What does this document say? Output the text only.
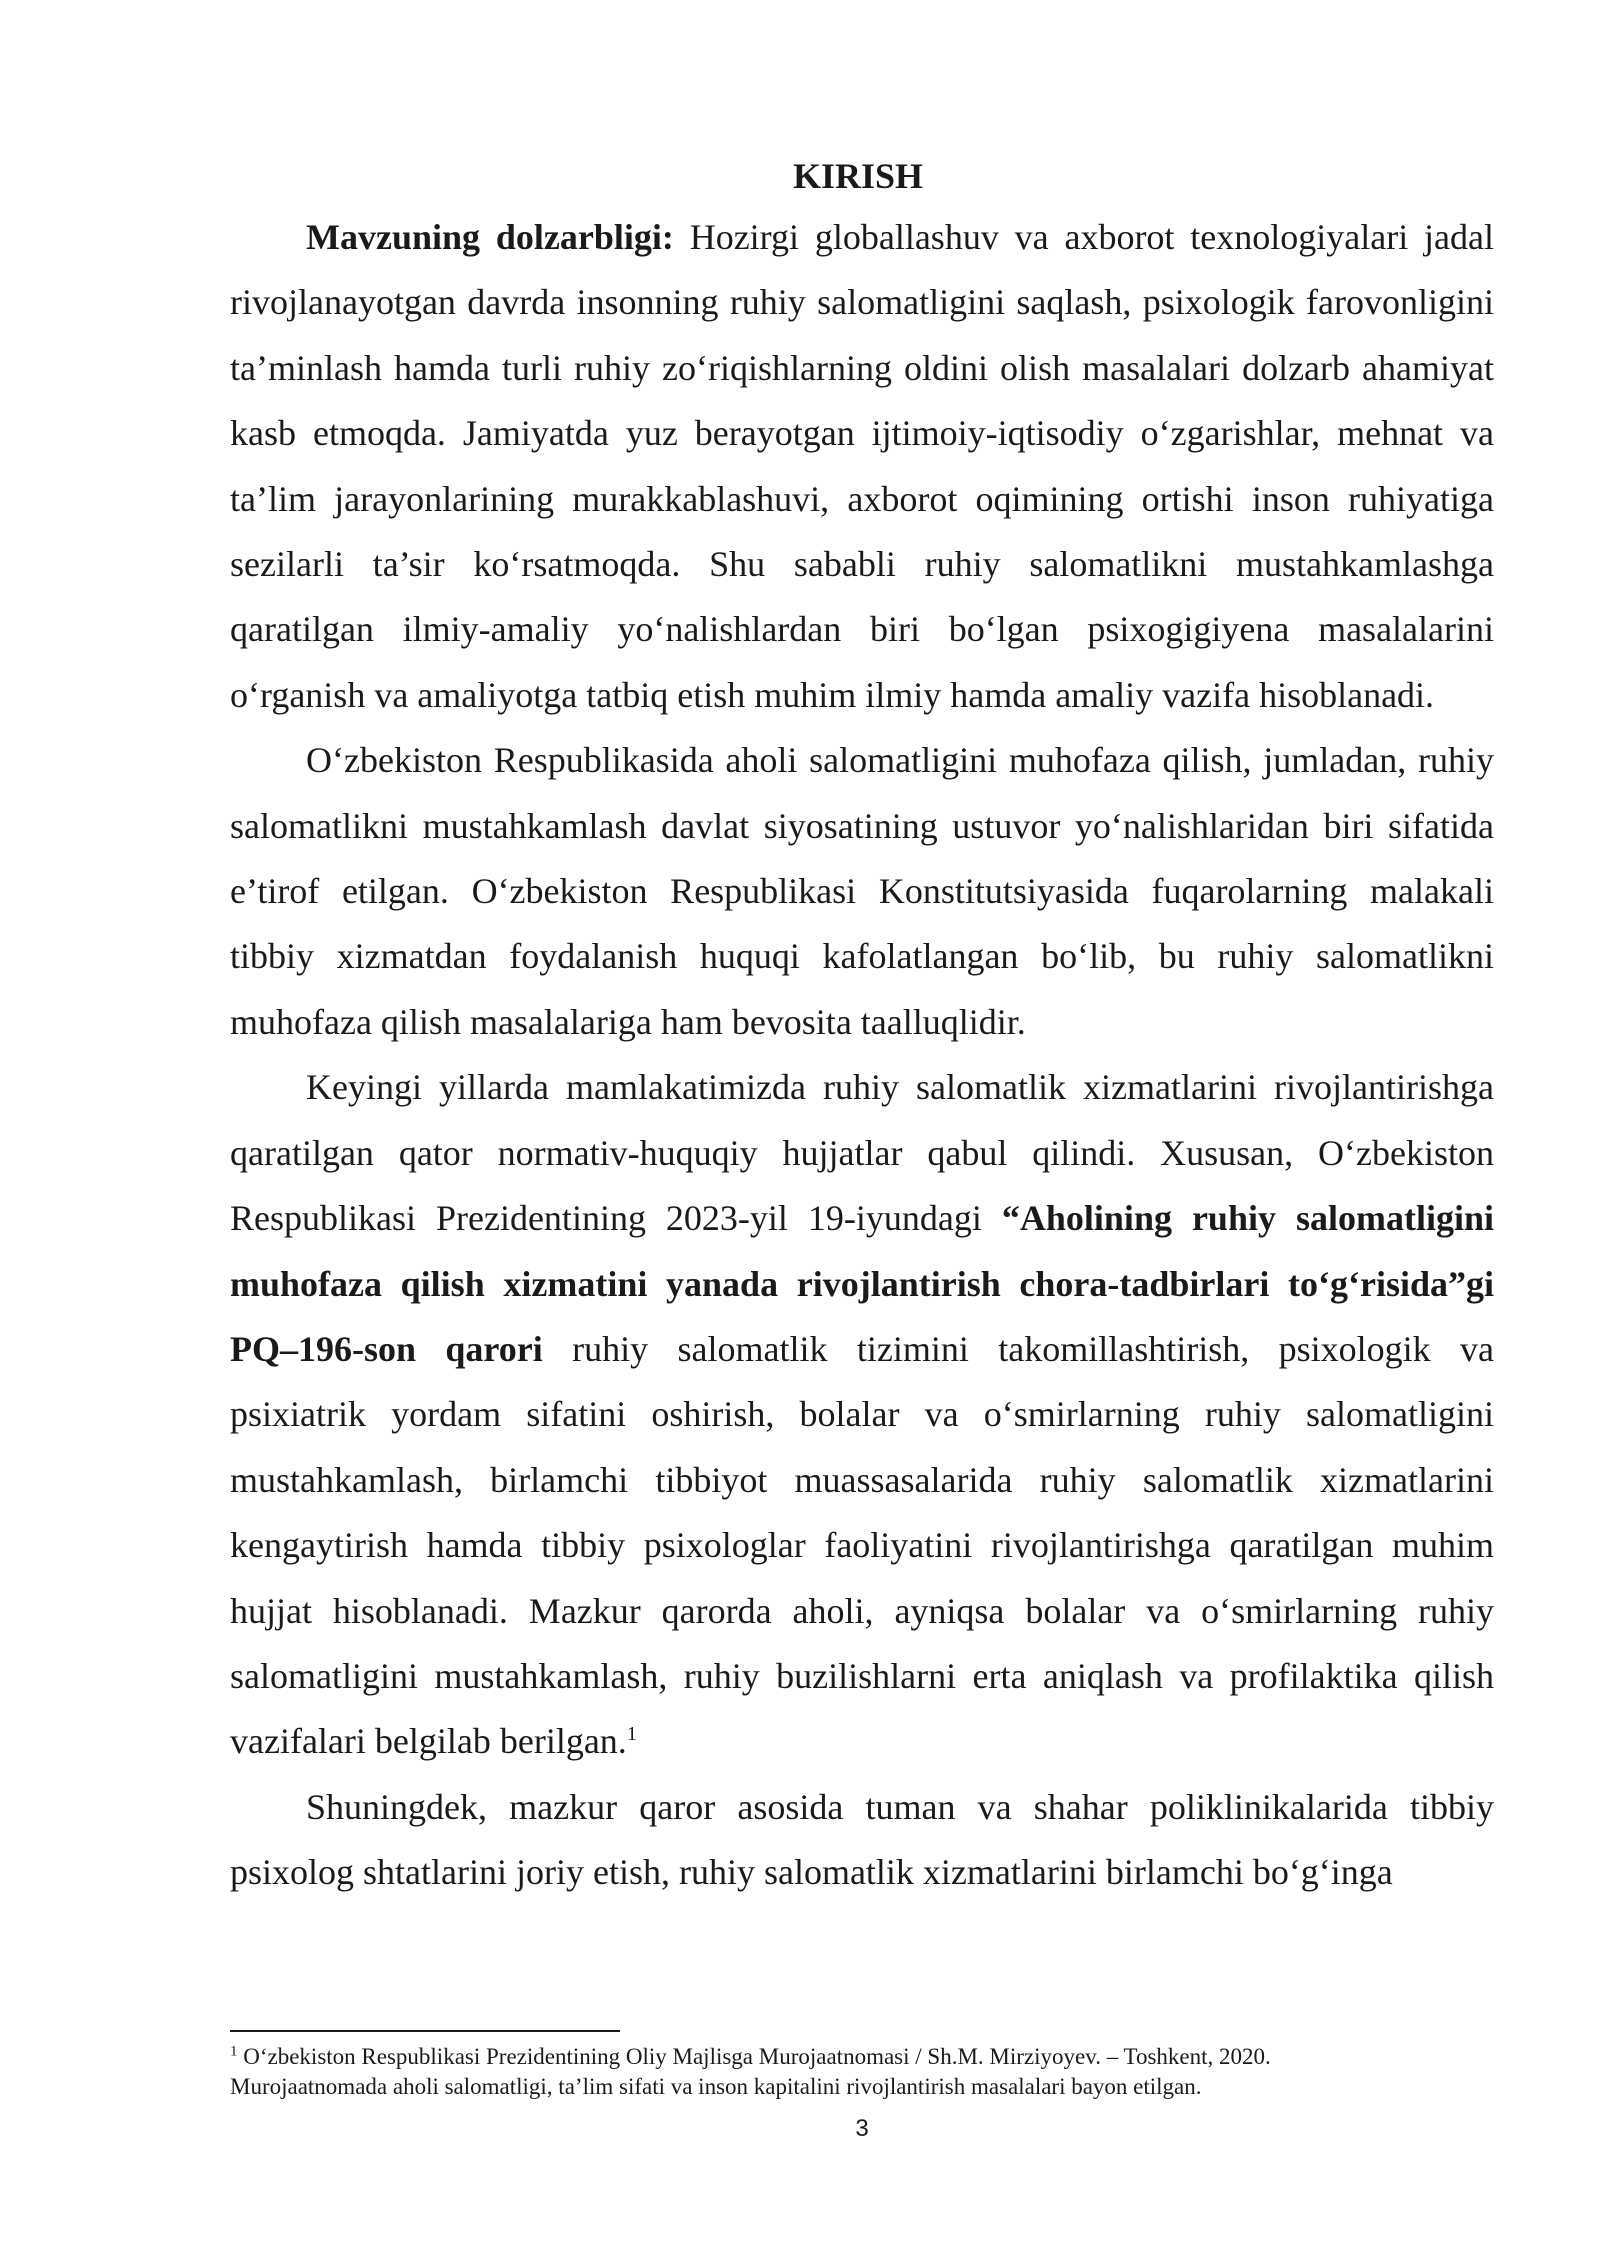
KIRISH

Mavzuning dolzarbligi: Hozirgi globallashuv va axborot texnologiyalari jadal rivojlanayotgan davrda insonning ruhiy salomatligini saqlash, psixologik farovonligini ta’minlash hamda turli ruhiy zo‘riqishlarning oldini olish masalalari dolzarb ahamiyat kasb etmoqda. Jamiyatda yuz berayotgan ijtimoiy-iqtisodiy o‘zgarishlar, mehnat va ta’lim jarayonlarining murakkablashuvi, axborot oqimining ortishi inson ruhiyatiga sezilarli ta’sir ko‘rsatmoqda. Shu sababli ruhiy salomatlikni mustahkamlashga qaratilgan ilmiy-amaliy yo‘nalishlardan biri bo‘lgan psixogigiyena masalalarini o‘rganish va amaliyotga tatbiq etish muhim ilmiy hamda amaliy vazifa hisoblanadi.

O‘zbekiston Respublikasida aholi salomatligini muhofaza qilish, jumladan, ruhiy salomatlikni mustahkamlash davlat siyosatining ustuvor yo‘nalishlaridan biri sifatida e’tirof etilgan. O‘zbekiston Respublikasi Konstitutsiyasida fuqarolarning malakali tibbiy xizmatdan foydalanish huquqi kafolatlangan bo‘lib, bu ruhiy salomatlikni muhofaza qilish masalalariga ham bevosita taalluqlidir.

Keyingi yillarda mamlakatimizda ruhiy salomatlik xizmatlarini rivojlantirishga qaratilgan qator normativ-huquqiy hujjatlar qabul qilindi. Xususan, O‘zbekiston Respublikasi Prezidentining 2023-yil 19-iyundagi “Aholining ruhiy salomatligini muhofaza qilish xizmatini yanada rivojlantirish chora-tadbirlari to‘g‘risida”gi PQ–196-son qarori ruhiy salomatlik tizimini takomillashtirish, psixologik va psixiatrik yordam sifatini oshirish, bolalar va o‘smirlarning ruhiy salomatligini mustahkamlash, birlamchi tibbiyot muassasalarida ruhiy salomatlik xizmatlarini kengaytirish hamda tibbiy psixologlar faoliyatini rivojlantirishga qaratilgan muhim hujjat hisoblanadi. Mazkur qarorda aholi, ayniqsa bolalar va o‘smirlarning ruhiy salomatligini mustahkamlash, ruhiy buzilishlarni erta aniqlash va profilaktika qilish vazifalari belgilab berilgan.$^1$

Shuningdek, mazkur qaror asosida tuman va shahar poliklinikalarida tibbiy psixolog shtatlarini joriy etish, ruhiy salomatlik xizmatlarini birlamchi bo‘g‘inga

$^1$ O‘zbekiston Respublikasi Prezidentining Oliy Majlisga Murojaatnomasi / Sh.M. Mirziyoyev. – Toshkent, 2020.
Murojaatnomada aholi salomatligi, ta’lim sifati va inson kapitalini rivojlantirish masalalari bayon etilgan.
3
